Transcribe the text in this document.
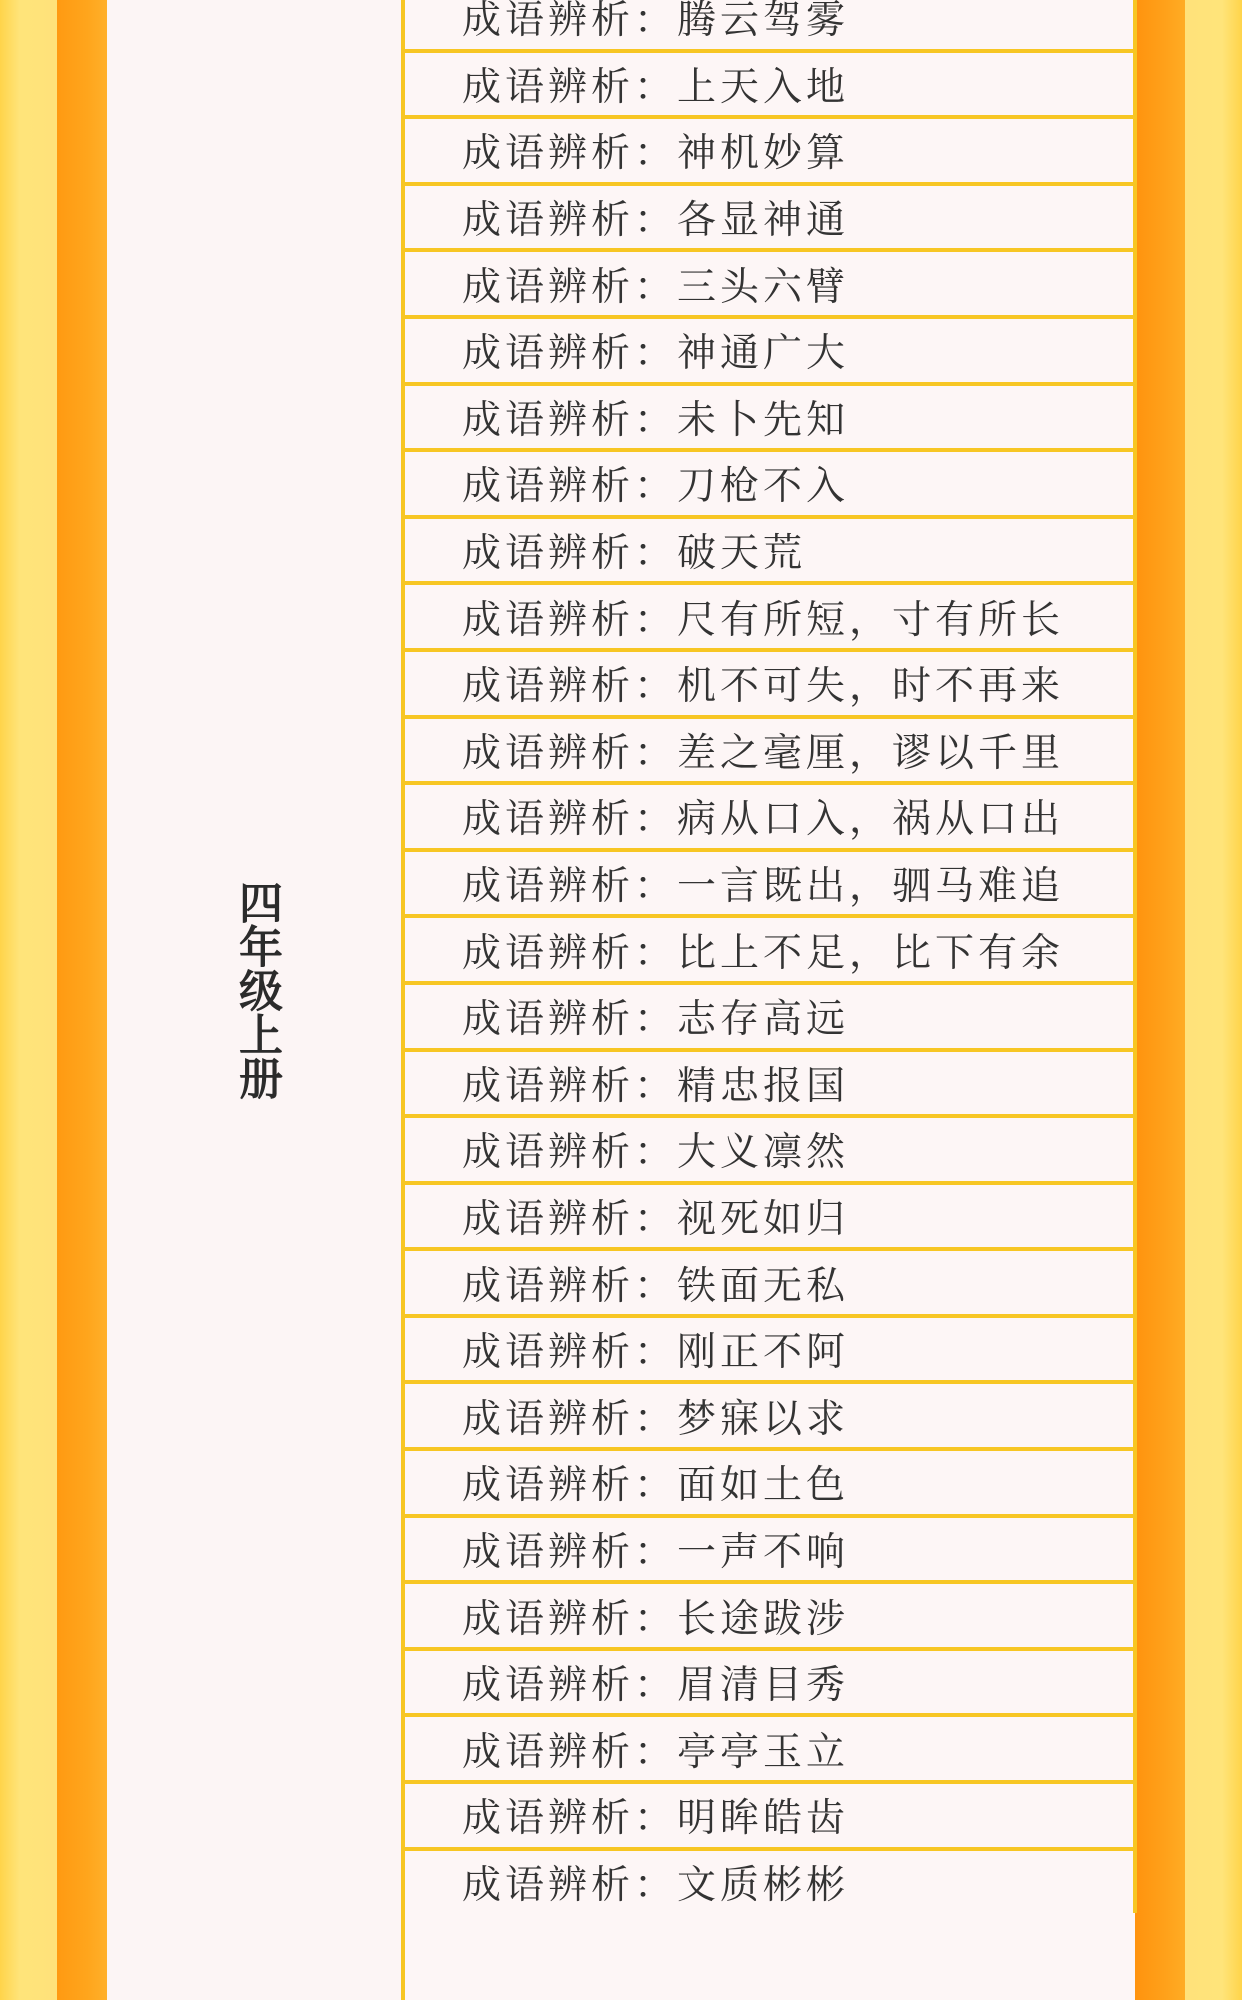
四年级上册
成语辨析：腾云驾雾
成语辨析：上天入地
成语辨析：神机妙算
成语辨析：各显神通
成语辨析：三头六臂
成语辨析：神通广大
成语辨析：未卜先知
成语辨析：刀枪不入
成语辨析：破天荒
成语辨析：尺有所短，寸有所长
成语辨析：机不可失，时不再来
成语辨析：差之毫厘，谬以千里
成语辨析：病从口入，祸从口出
成语辨析：一言既出，驷马难追
成语辨析：比上不足，比下有余
成语辨析：志存高远
成语辨析：精忠报国
成语辨析：大义凛然
成语辨析：视死如归
成语辨析：铁面无私
成语辨析：刚正不阿
成语辨析：梦寐以求
成语辨析：面如土色
成语辨析：一声不响
成语辨析：长途跋涉
成语辨析：眉清目秀
成语辨析：亭亭玉立
成语辨析：明眸皓齿
成语辨析：文质彬彬
